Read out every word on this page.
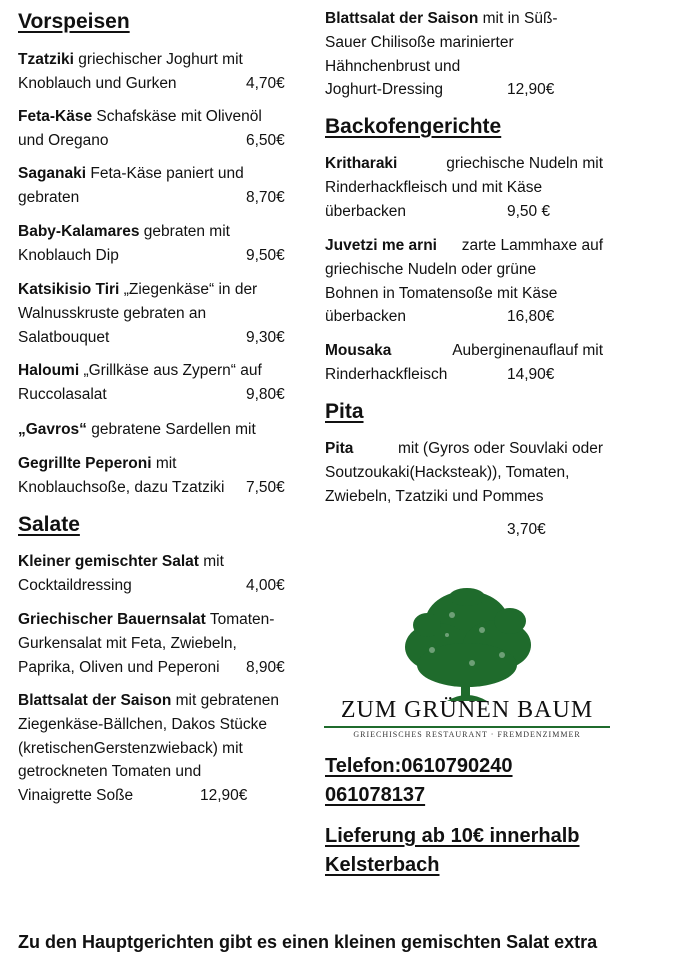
Vorspeisen
Tzatziki griechischer Joghurt mit
Knoblauch und Gurken	4,70€
Feta-Käse Schafskäse mit Olivenöl
und Oregano	6,50€
Saganaki Feta-Käse paniert und
gebraten	8,70€
Baby-Kalamares gebraten mit
Knoblauch Dip	9,50€
Katsikisio Tiri „Ziegenkäse“ in der
Walnusskruste gebraten an
Salatbouquet	9,30€
Haloumi „Grillkäse aus Zypern“ auf
Ruccolasalat	9,80€
„Gavros“ gebratene Sardellen mit
Gegrillte Peperoni mit
Knoblauchsoße, dazu Tzatziki 7,50€
Salate
Kleiner gemischter Salat mit
Cocktaildressing	4,00€
Griechischer Bauernsalat Tomaten-
Gurkensalat mit Feta, Zwiebeln,
Paprika, Oliven und Peperoni 8,90€
Blattsalat der Saison mit gebratenen
Ziegenkäse-Bällchen, Dakos Stücke
(kretischenGerstenzwieback) mit
getrockneten Tomaten und
Vinaigrette Soße	12,90€
Blattsalat der Saison mit in Süß-
Sauer Chilisoße marinierter
Hähnchenbrust und
Joghurt-Dressing	12,90€
Backofengerichte
Kritharaki	griechische Nudeln mit
Rinderhackfleisch und mit Käse
überbacken	9,50 €
Juvetzi me arni zarte Lammhaxe auf
griechische Nudeln oder grüne
Bohnen in Tomatensoße mit Käse
überbacken	16,80€
Mousaka	Auberginenauflauf mit
Rinderhackfleisch	14,90€
Pita
Pita	mit (Gyros oder Souvlaki oder
Soutzoukaki(Hacksteak)), Tomaten,
Zwiebeln, Tzatziki und Pommes
3,70€

ZUM GRÜNEN BAUM
GRIECHISCHES RESTAURANT · FREMDENZIMMER
Telefon:0610790240
061078137
Lieferung ab 10€ innerhalb
Kelsterbach
Zu den Hauptgerichten gibt es einen kleinen gemischten Salat extra
